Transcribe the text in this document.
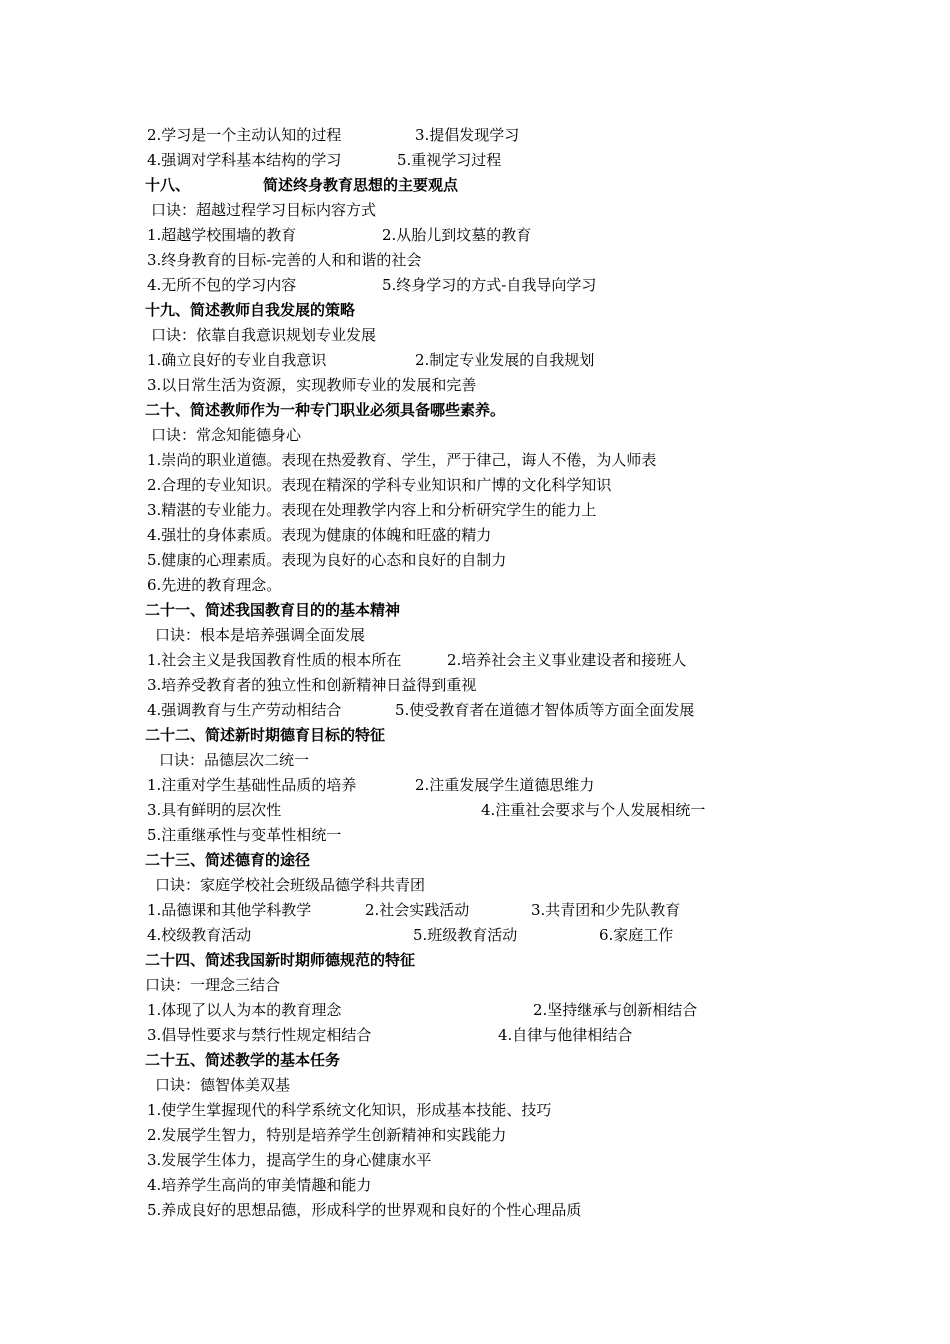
2.学习是一个主动认知的过程	3.提倡发现学习
4.强调对学科基本结构的学习	5.重视学习过程
十八、	简述终身教育思想的主要观点
口诀：超越过程学习目标内容方式
1.超越学校围墙的教育	2.从胎儿到坟墓的教育
3.终身教育的目标-完善的人和和谐的社会
4.无所不包的学习内容	5.终身学习的方式-自我导向学习
十九、简述教师自我发展的策略
口诀：依靠自我意识规划专业发展
1.确立良好的专业自我意识	2.制定专业发展的自我规划
3.以日常生活为资源，实现教师专业的发展和完善
二十、简述教师作为一种专门职业必须具备哪些素养。
口诀：常念知能德身心
1.崇尚的职业道德。表现在热爱教育、学生，严于律己，诲人不倦，为人师表
2.合理的专业知识。表现在精深的学科专业知识和广博的文化科学知识
3.精湛的专业能力。表现在处理教学内容上和分析研究学生的能力上
4.强壮的身体素质。表现为健康的体魄和旺盛的精力
5.健康的心理素质。表现为良好的心态和良好的自制力
6.先进的教育理念。
二十一、简述我国教育目的的基本精神
口诀：根本是培养强调全面发展
1.社会主义是我国教育性质的根本所在	2.培养社会主义事业建设者和接班人
3.培养受教育者的独立性和创新精神日益得到重视
4.强调教育与生产劳动相结合	5.使受教育者在道德才智体质等方面全面发展
二十二、简述新时期德育目标的特征
口诀：品德层次二统一
1.注重对学生基础性品质的培养	2.注重发展学生道德思维力
3.具有鲜明的层次性	4.注重社会要求与个人发展相统一
5.注重继承性与变革性相统一
二十三、简述德育的途径
口诀：家庭学校社会班级品德学科共青团
1.品德课和其他学科教学	2.社会实践活动	3.共青团和少先队教育
4.校级教育活动	5.班级教育活动	6.家庭工作
二十四、简述我国新时期师德规范的特征
口诀：一理念三结合
1.体现了以人为本的教育理念	2.坚持继承与创新相结合
3.倡导性要求与禁行性规定相结合	4.自律与他律相结合
二十五、简述教学的基本任务
口诀：德智体美双基
1.使学生掌握现代的科学系统文化知识，形成基本技能、技巧
2.发展学生智力，特别是培养学生创新精神和实践能力
3.发展学生体力，提高学生的身心健康水平
4.培养学生高尚的审美情趣和能力
5.养成良好的思想品德，形成科学的世界观和良好的个性心理品质
